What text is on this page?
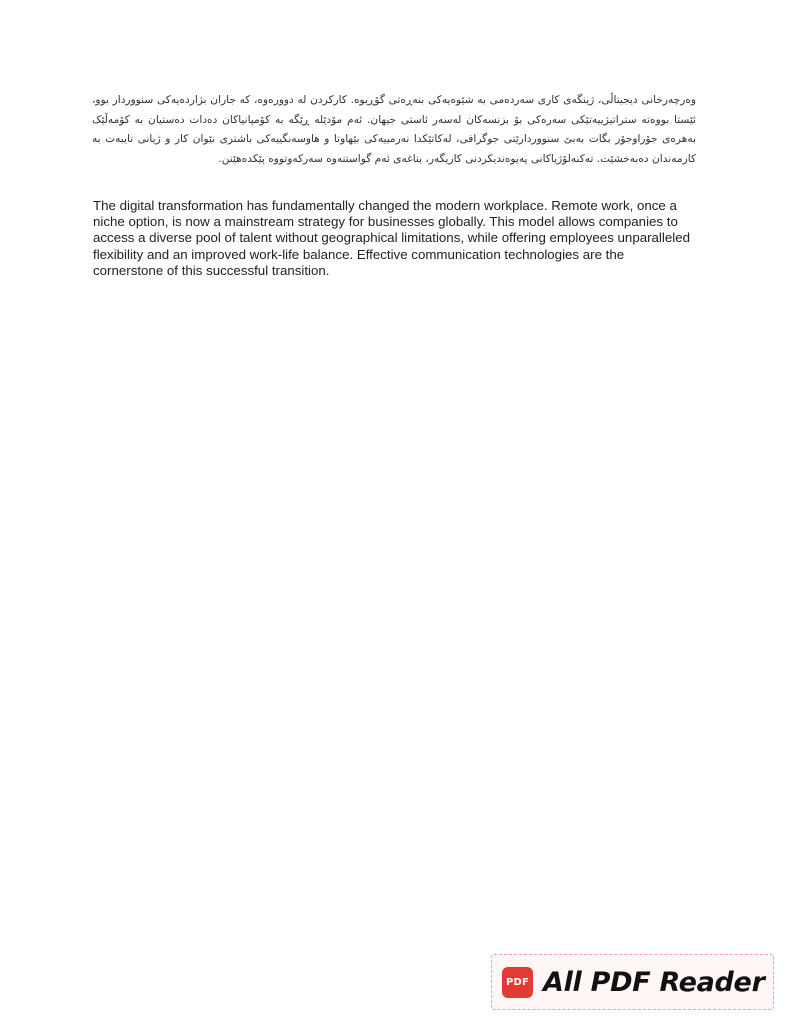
وەرچەرخانی دیجیتاڵی، ژینگەی کاری سەردەمی بە شێوەیەکی بنەڕەتی گۆڕیوە. کارکردن لە دوورەوە، کە جاران بژاردەیەکی سنووردار بوو، ئێستا بووەتە ستراتیژییەتێکی سەرەکی بۆ بزنسەکان لەسەر ئاستی جیهان. ئەم مۆدێلە ڕێگە بە کۆمپانیاکان دەدات دەستیان بە کۆمەڵێک بەهرەی جۆراوجۆر بگات بەبێ سنووردارێتی جوگرافی، لەکاتێکدا نەرمییەکی بێهاوتا و هاوسەنگییەکی باشتری نێوان کار و ژیانی تایبەت بە کارمەندان دەبەخشێت. تەکنەلۆژیاکانی پەیوەندیکردنی کاریگەر، بناغەی ئەم گواستنەوە سەرکەوتووە پێکدەهێنن.

The digital transformation has fundamentally changed the modern workplace. Remote work, once a niche option, is now a mainstream strategy for businesses globally. This model allows companies to access a diverse pool of talent without geographical limitations, while offering employees unparalleled flexibility and an improved work-life balance. Effective communication technologies are the cornerstone of this successful transition.

PDF All PDF Reader
